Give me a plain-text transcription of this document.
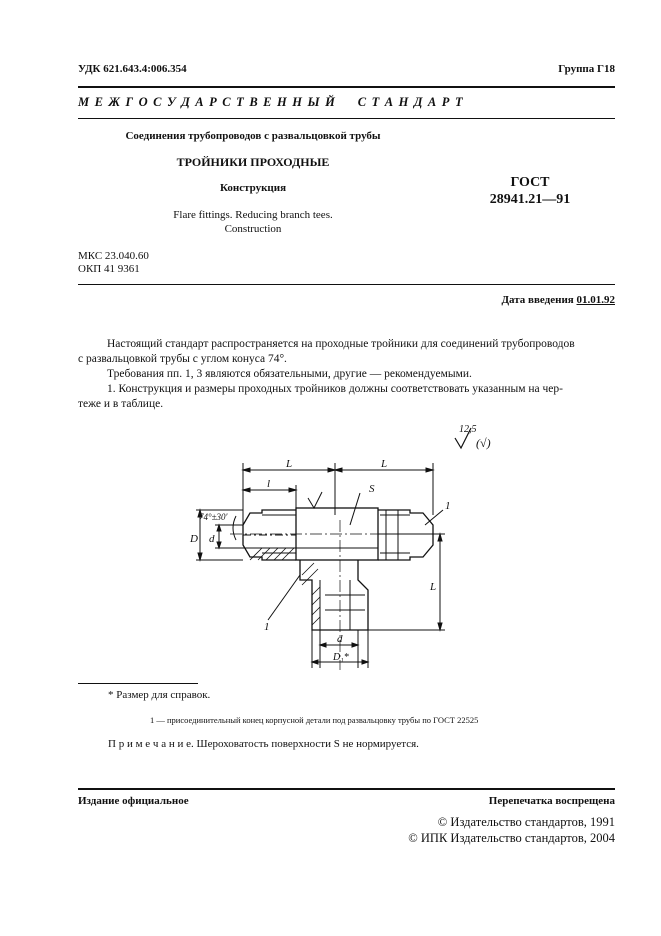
УДК 621.643.4:006.354	Группа Г18
М Е Ж Г О С У Д А Р С Т В Е Н Н Ы Й     С Т А Н Д А Р Т
Соединения трубопроводов с развальцовкой трубы
ТРОЙНИКИ ПРОХОДНЫЕ
Конструкция
Flare fittings. Reducing branch tees.
Construction
ГОСТ
28941.21—91
МКС 23.040.60
ОКП 41 9361
Дата введения 01.01.92
Настоящий стандарт распространяется на проходные тройники для соединений трубопроводов
с развальцовкой трубы с углом конуса 74°.
Требования пп. 1, 3 являются обязательными, другие — рекомендуемыми.
1. Конструкция и размеры проходных тройников должны соответствовать указанным на чер-
теже и в таблице.
12,5
(√)
L	L
l	S
1
1
74°±30′
D d
L
d
D₁*
* Размер для справок.
1 — присоединительный конец корпусной детали под развальцовку трубы по ГОСТ 22525
П р и м е ч а н и е. Шероховатость поверхности S не нормируется.
Издание официальное	Перепечатка воспрещена
© Издательство стандартов, 1991
© ИПК Издательство стандартов, 2004
